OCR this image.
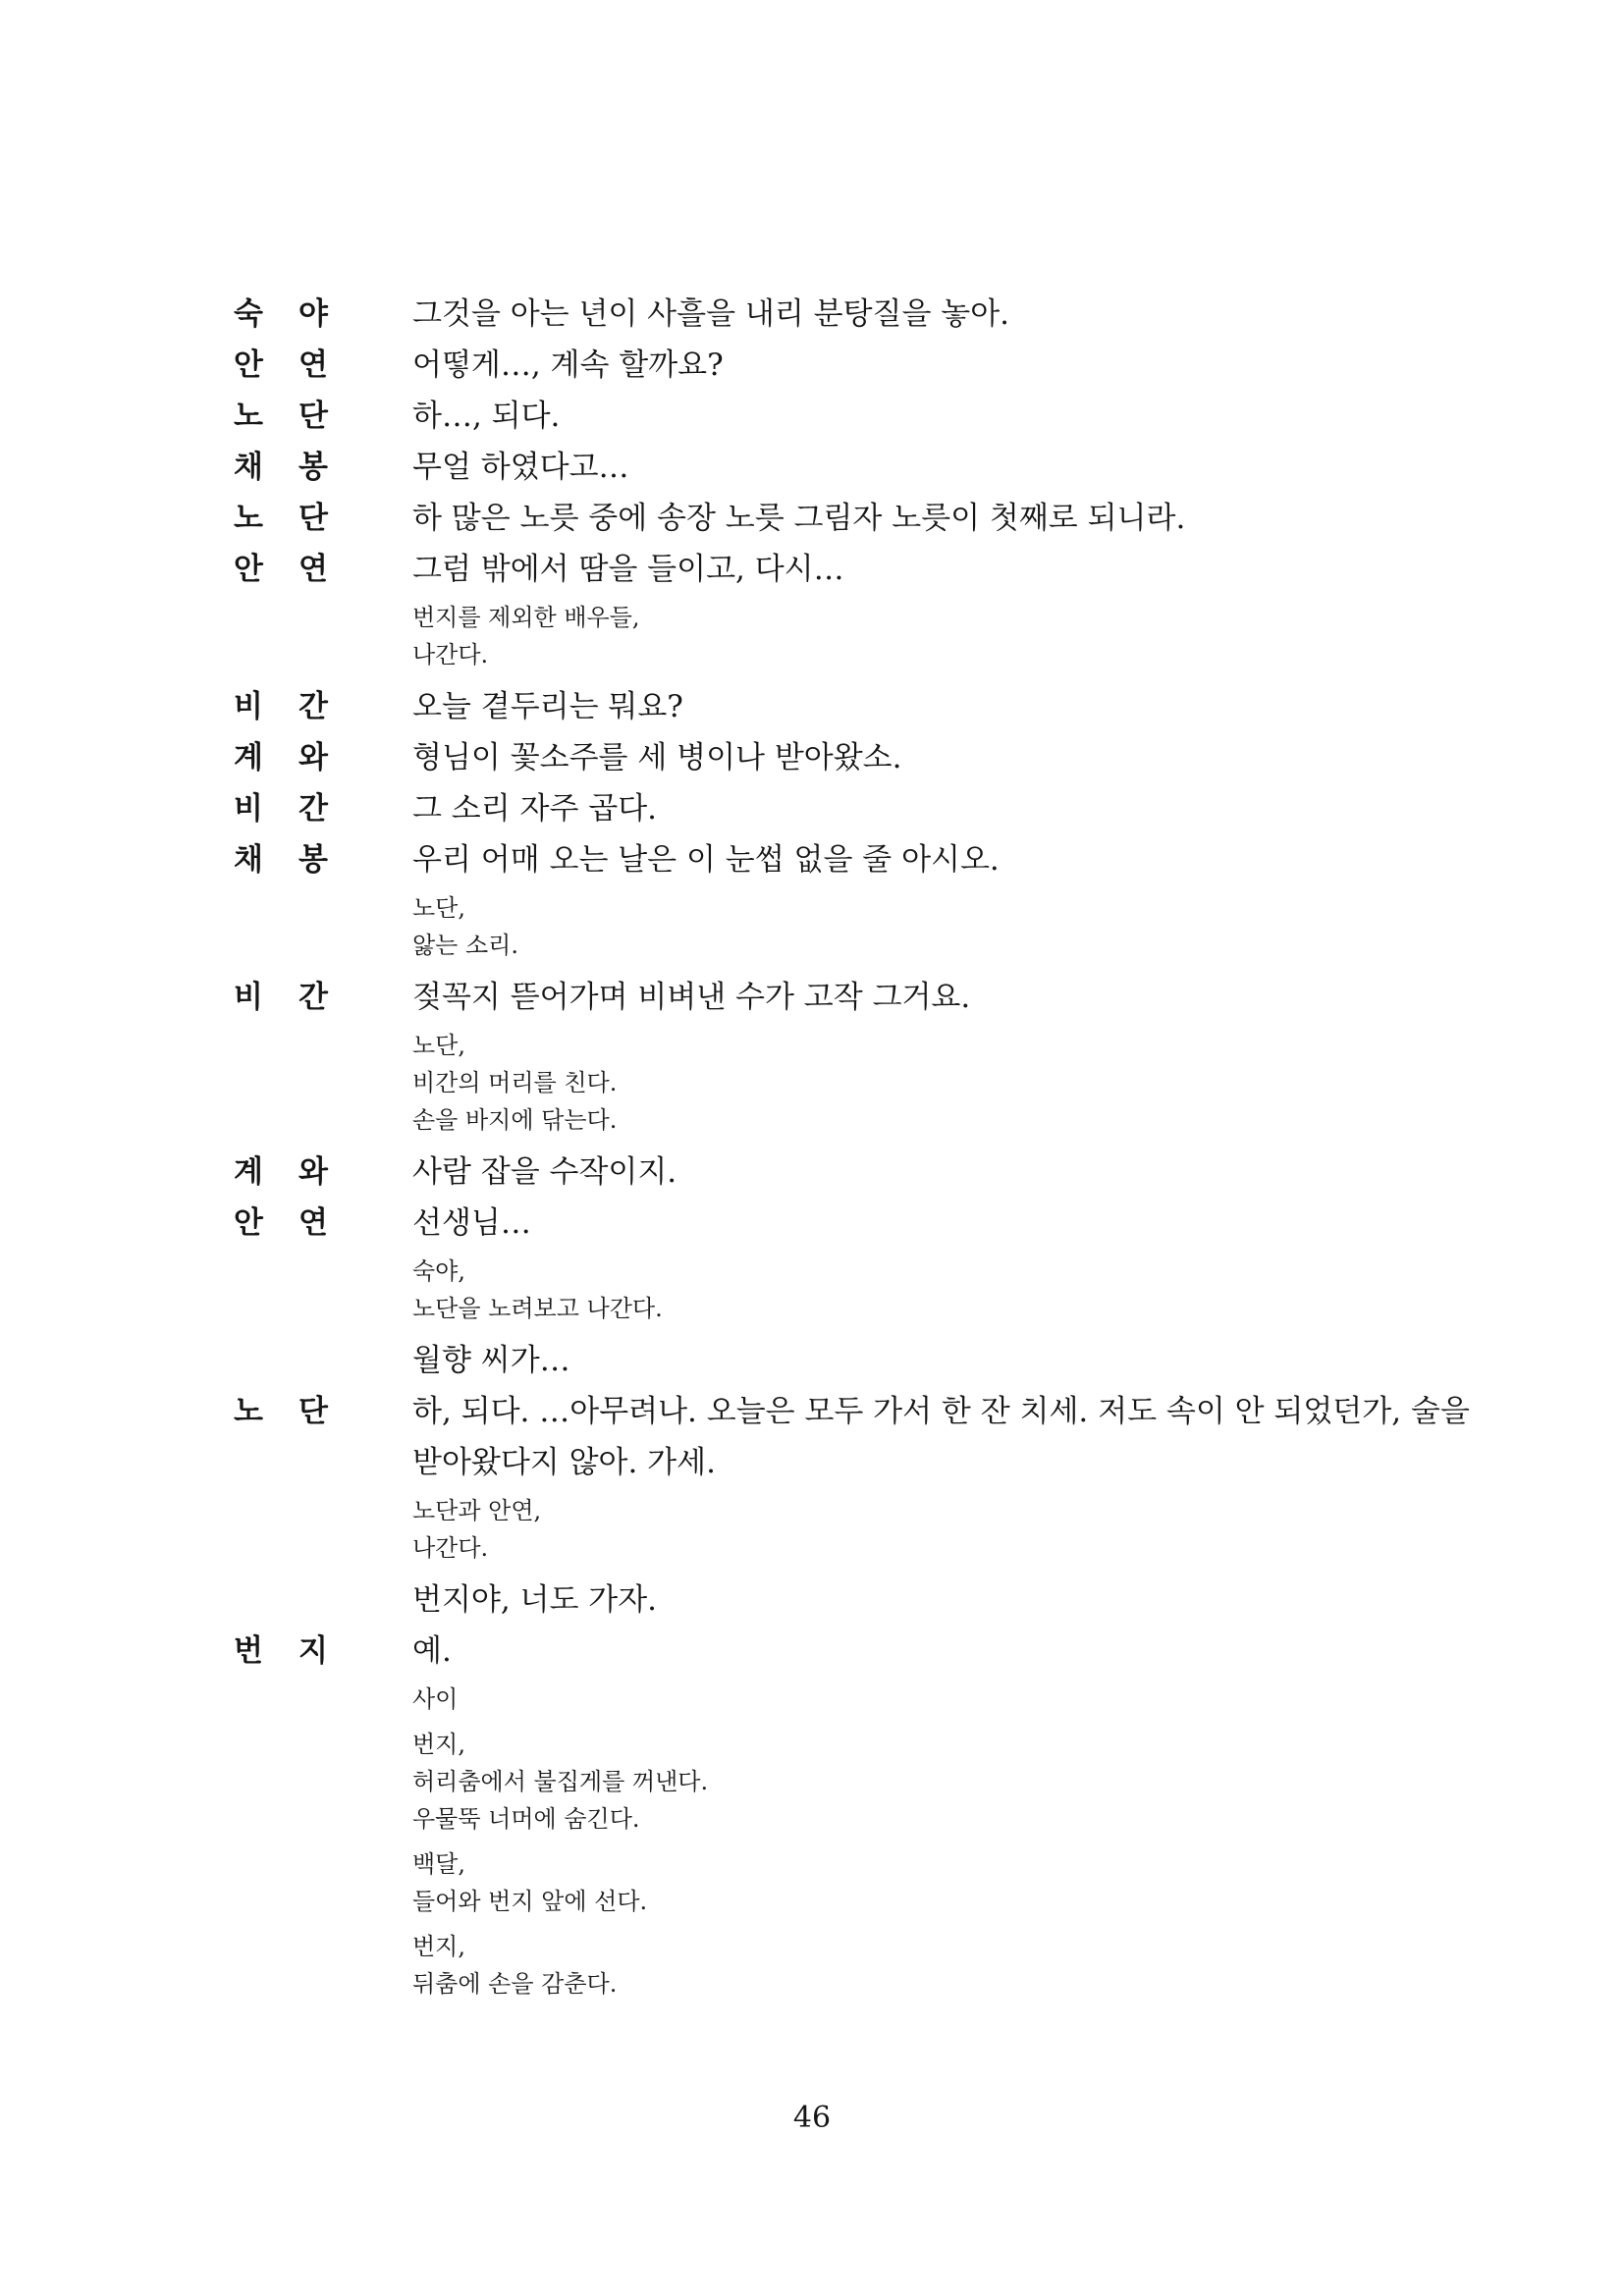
숙 야	그것을 아는 년이 사흘을 내리 분탕질을 놓아.
안 연	어떻게…, 계속 할까요?
노 단	하…, 되다.
채 봉	무얼 하였다고…
노 단	하 많은 노릇 중에 송장 노릇 그림자 노릇이 첫째로 되니라.
안 연	그럼 밖에서 땀을 들이고, 다시…
번지를 제외한 배우들,
나간다.
비 간	오늘 곁두리는 뭐요?
계 와	형님이 꽃소주를 세 병이나 받아왔소.
비 간	그 소리 자주 곱다.
채 봉	우리 어매 오는 날은 이 눈썹 없을 줄 아시오.
노단,
앓는 소리.
비 간	젖꼭지 뜯어가며 비벼낸 수가 고작 그거요.
노단,
비간의 머리를 친다.
손을 바지에 닦는다.
계 와	사람 잡을 수작이지.
안 연	선생님…
숙야,
노단을 노려보고 나간다.
월향 씨가…
노 단	하, 되다. …아무려나. 오늘은 모두 가서 한 잔 치세. 저도 속이 안 되었던가, 술을
받아왔다지 않아. 가세.
노단과 안연,
나간다.
번지야, 너도 가자.
번 지	예.
사이
번지,
허리춤에서 불집게를 꺼낸다.
우물뚝 너머에 숨긴다.
백달,
들어와 번지 앞에 선다.
번지,
뒤춤에 손을 감춘다.
46
